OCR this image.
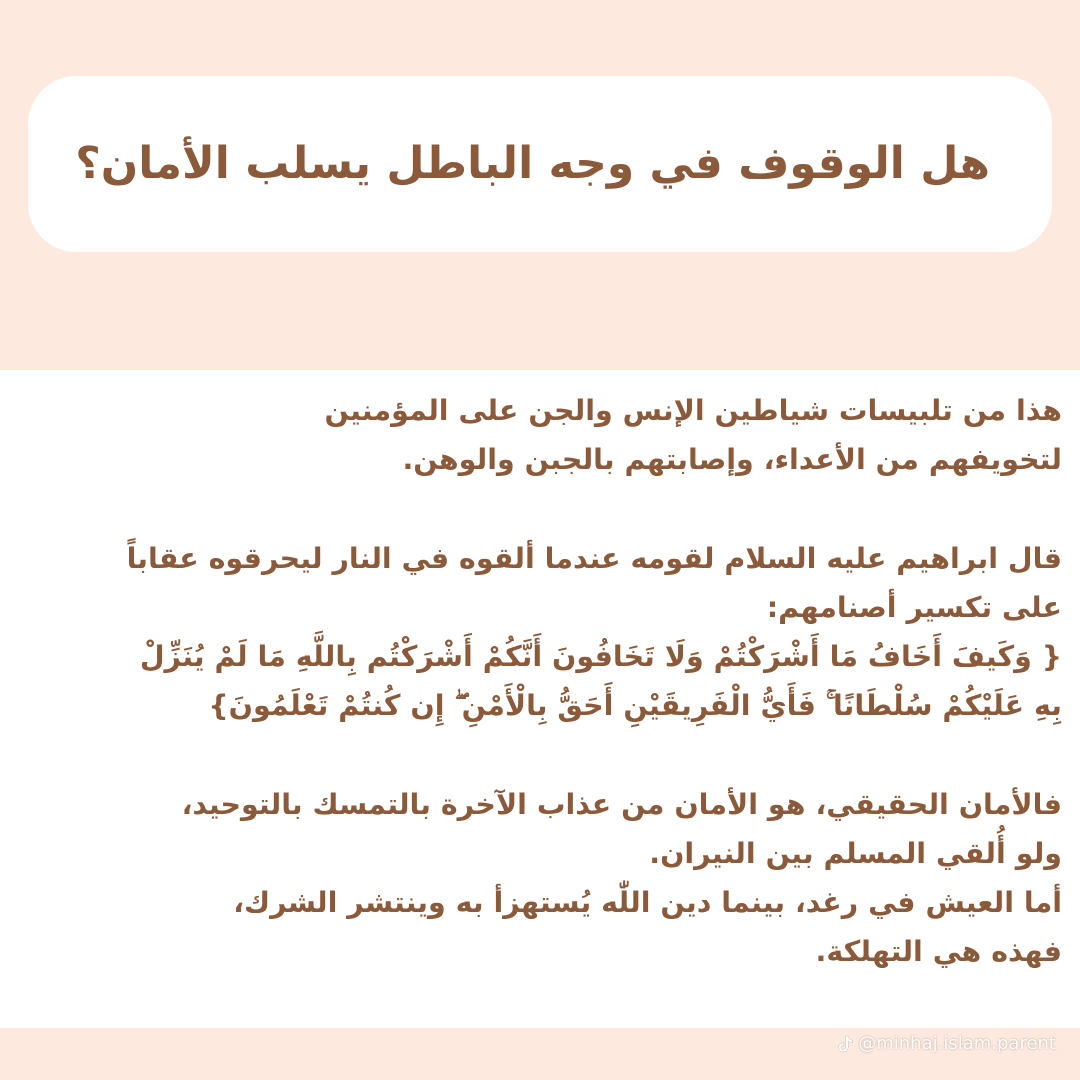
هل الوقوف في وجه الباطل يسلب الأمان؟
هذا من تلبيسات شياطين الإنس والجن على المؤمنين
لتخويفهم من الأعداء، وإصابتهم بالجبن والوهن.
قال ابراهيم عليه السلام لقومه عندما ألقوه في النار ليحرقوه عقاباً
على تكسير أصنامهم:
{ وَكَيفَ أَخَافُ مَا أَشْرَكْتُمْ وَلَا تَخَافُونَ أَنَّكُمْ أَشْرَكْتُم بِاللَّهِ مَا لَمْ يُنَزِّلْ
بِهِ عَلَيْكُمْ سُلْطَانًا ۚ فَأَيُّ الْفَرِيقَيْنِ أَحَقُّ بِالْأَمْنِ ۖ إِن كُنتُمْ تَعْلَمُونَ}
فالأمان الحقيقي، هو الأمان من عذاب الآخرة بالتمسك بالتوحيد،
ولو أُلقي المسلم بين النيران.
أما العيش في رغد، بينما دين اللّٰه يُستهزأ به وينتشر الشرك،
فهذه هي التهلكة.
@minhaj.islam.parent
